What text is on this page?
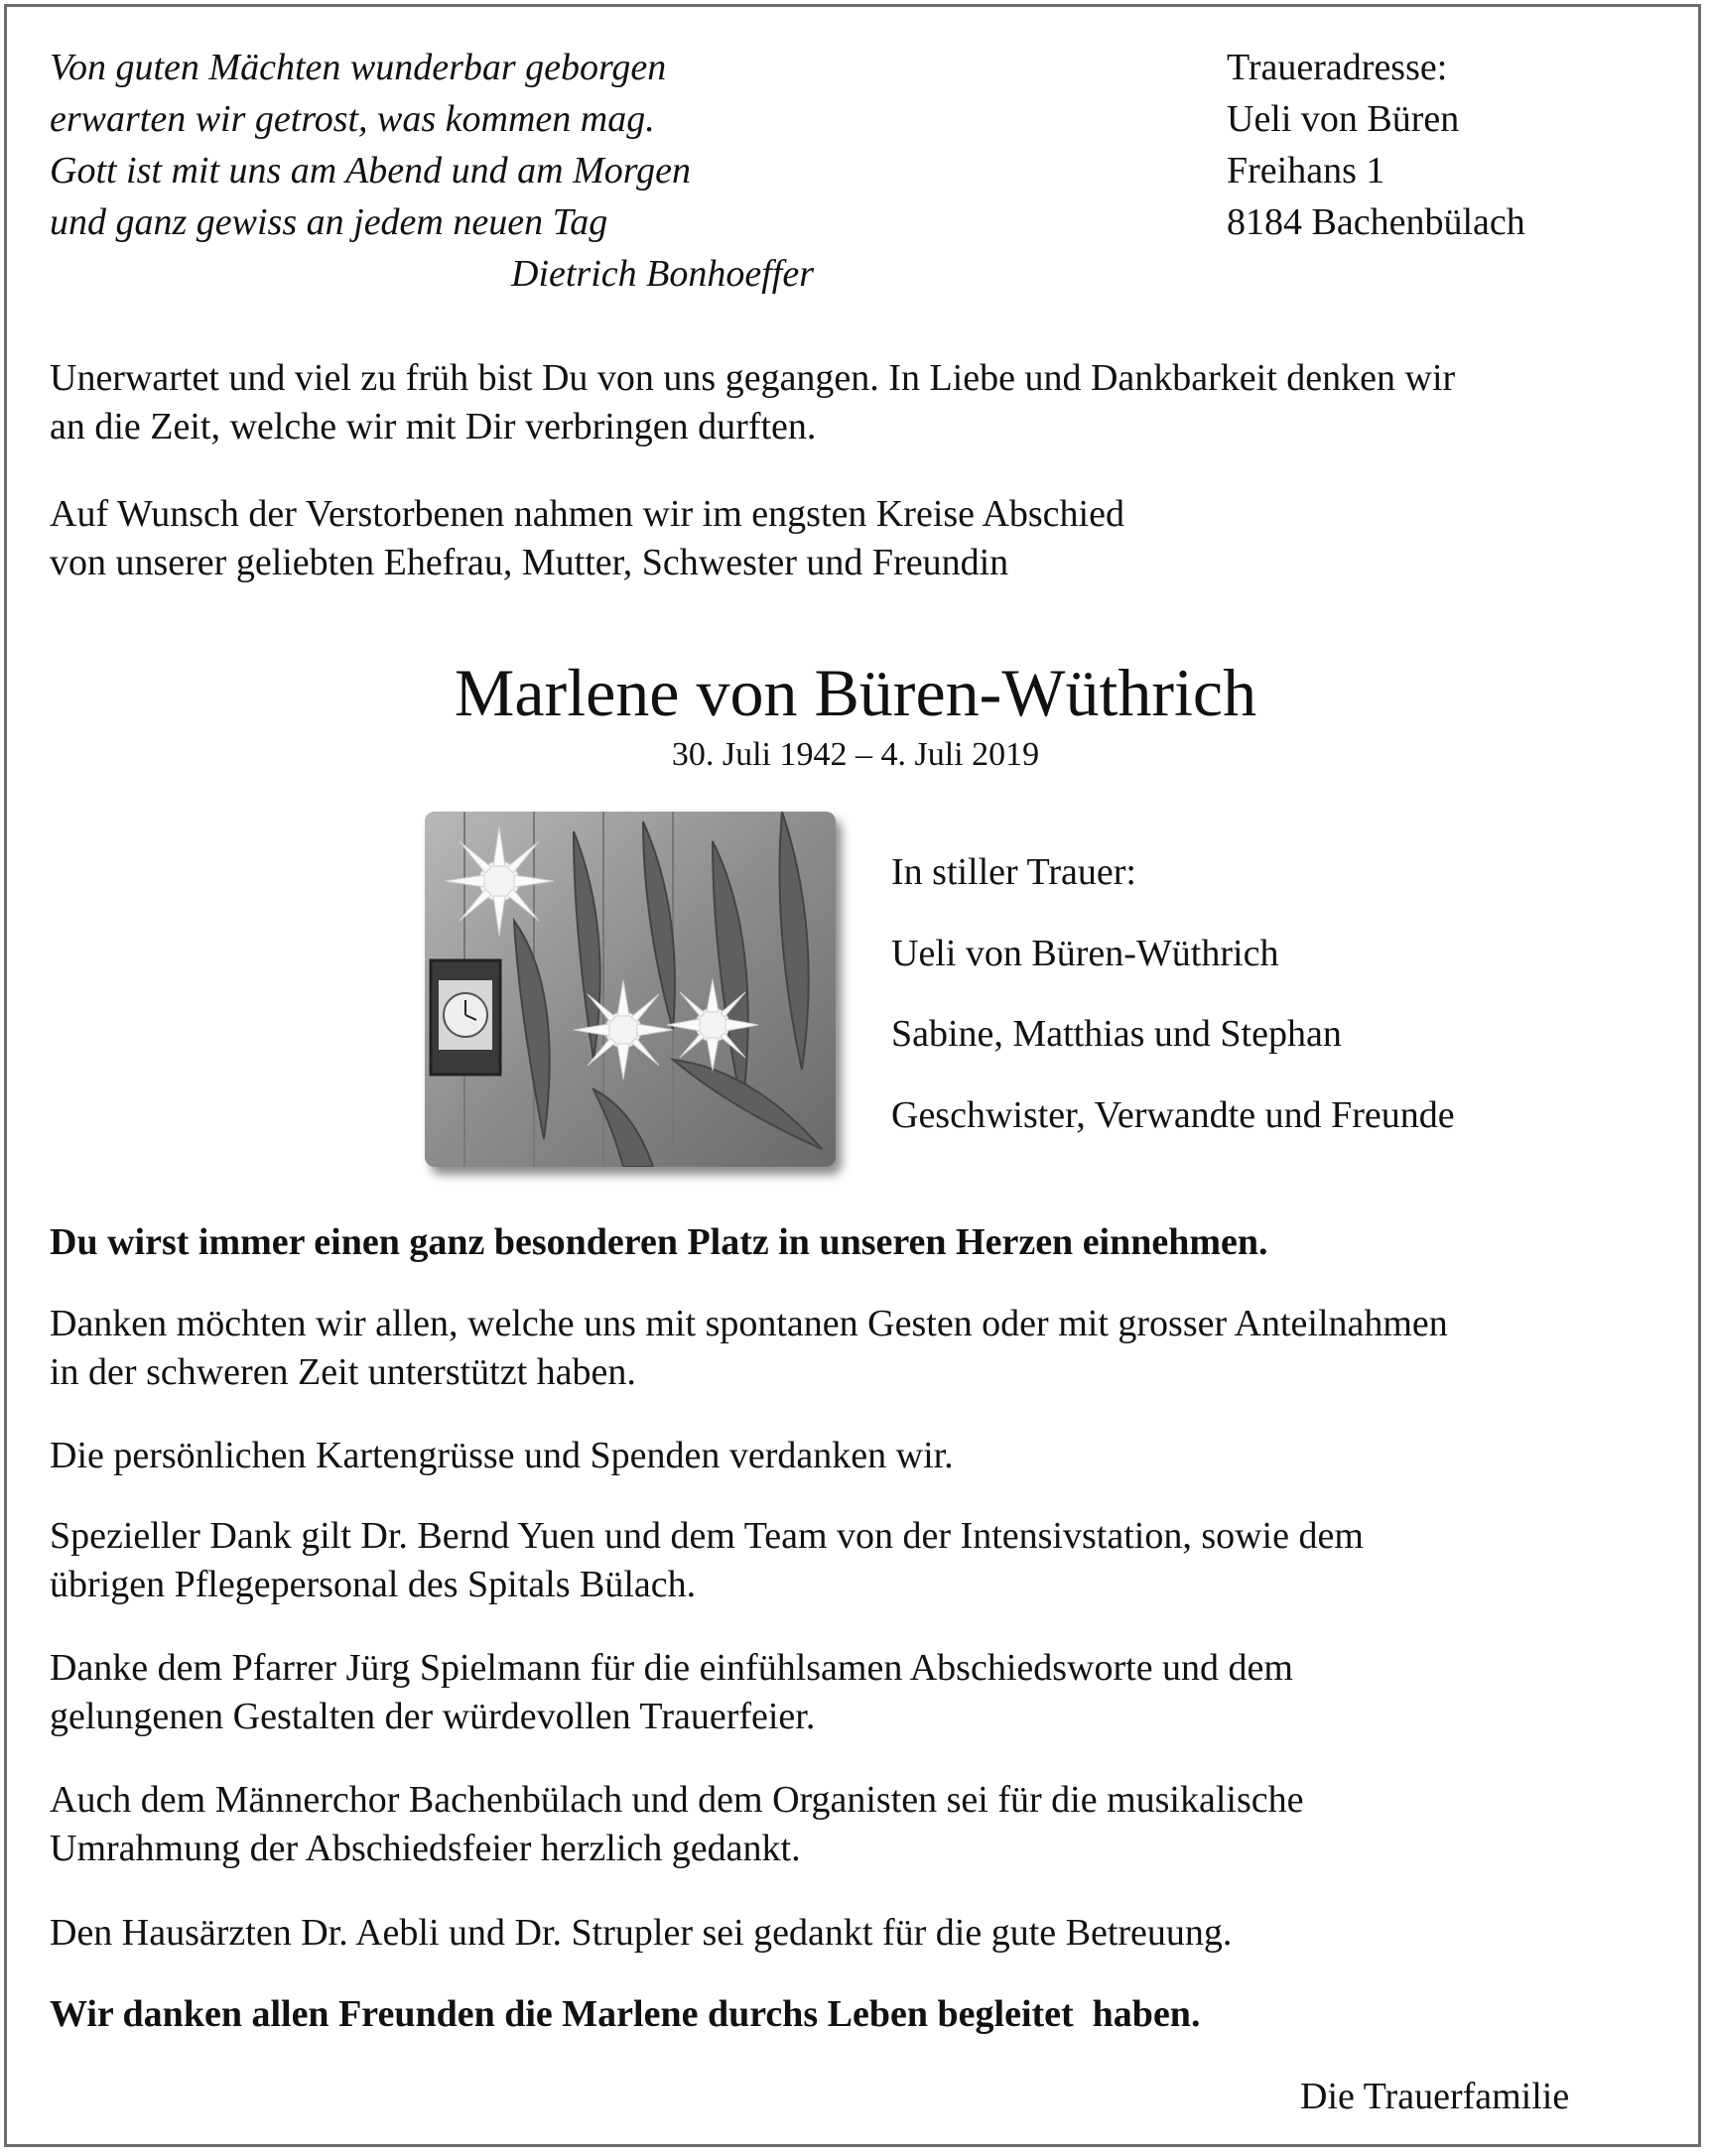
Von guten Mächten wunderbar geborgen
erwarten wir getrost, was kommen mag.
Gott ist mit uns am Abend und am Morgen
und ganz gewiss an jedem neuen Tag
Dietrich Bonhoeffer
Traueradresse:
Ueli von Büren
Freihans 1
8184 Bachenbülach
Unerwartet und viel zu früh bist Du von uns gegangen. In Liebe und Dankbarkeit denken wir
an die Zeit, welche wir mit Dir verbringen durften.
Auf Wunsch der Verstorbenen nahmen wir im engsten Kreise Abschied
von unserer geliebten Ehefrau, Mutter, Schwester und Freundin
Marlene von Büren-Wüthrich
30. Juli 1942 – 4. Juli 2019
In stiller Trauer:
Ueli von Büren-Wüthrich
Sabine, Matthias und Stephan
Geschwister, Verwandte und Freunde
Du wirst immer einen ganz besonderen Platz in unseren Herzen einnehmen.
Danken möchten wir allen, welche uns mit spontanen Gesten oder mit grosser Anteilnahmen
in der schweren Zeit unterstützt haben.
Die persönlichen Kartengrüsse und Spenden verdanken wir.
Spezieller Dank gilt Dr. Bernd Yuen und dem Team von der Intensivstation, sowie dem
übrigen Pflegepersonal des Spitals Bülach.
Danke dem Pfarrer Jürg Spielmann für die einfühlsamen Abschiedsworte und dem
gelungenen Gestalten der würdevollen Trauerfeier.
Auch dem Männerchor Bachenbülach und dem Organisten sei für die musikalische
Umrahmung der Abschiedsfeier herzlich gedankt.
Den Hausärzten Dr. Aebli und Dr. Strupler sei gedankt für die gute Betreuung.
Wir danken allen Freunden die Marlene durchs Leben begleitet  haben.
Die Trauerfamilie
